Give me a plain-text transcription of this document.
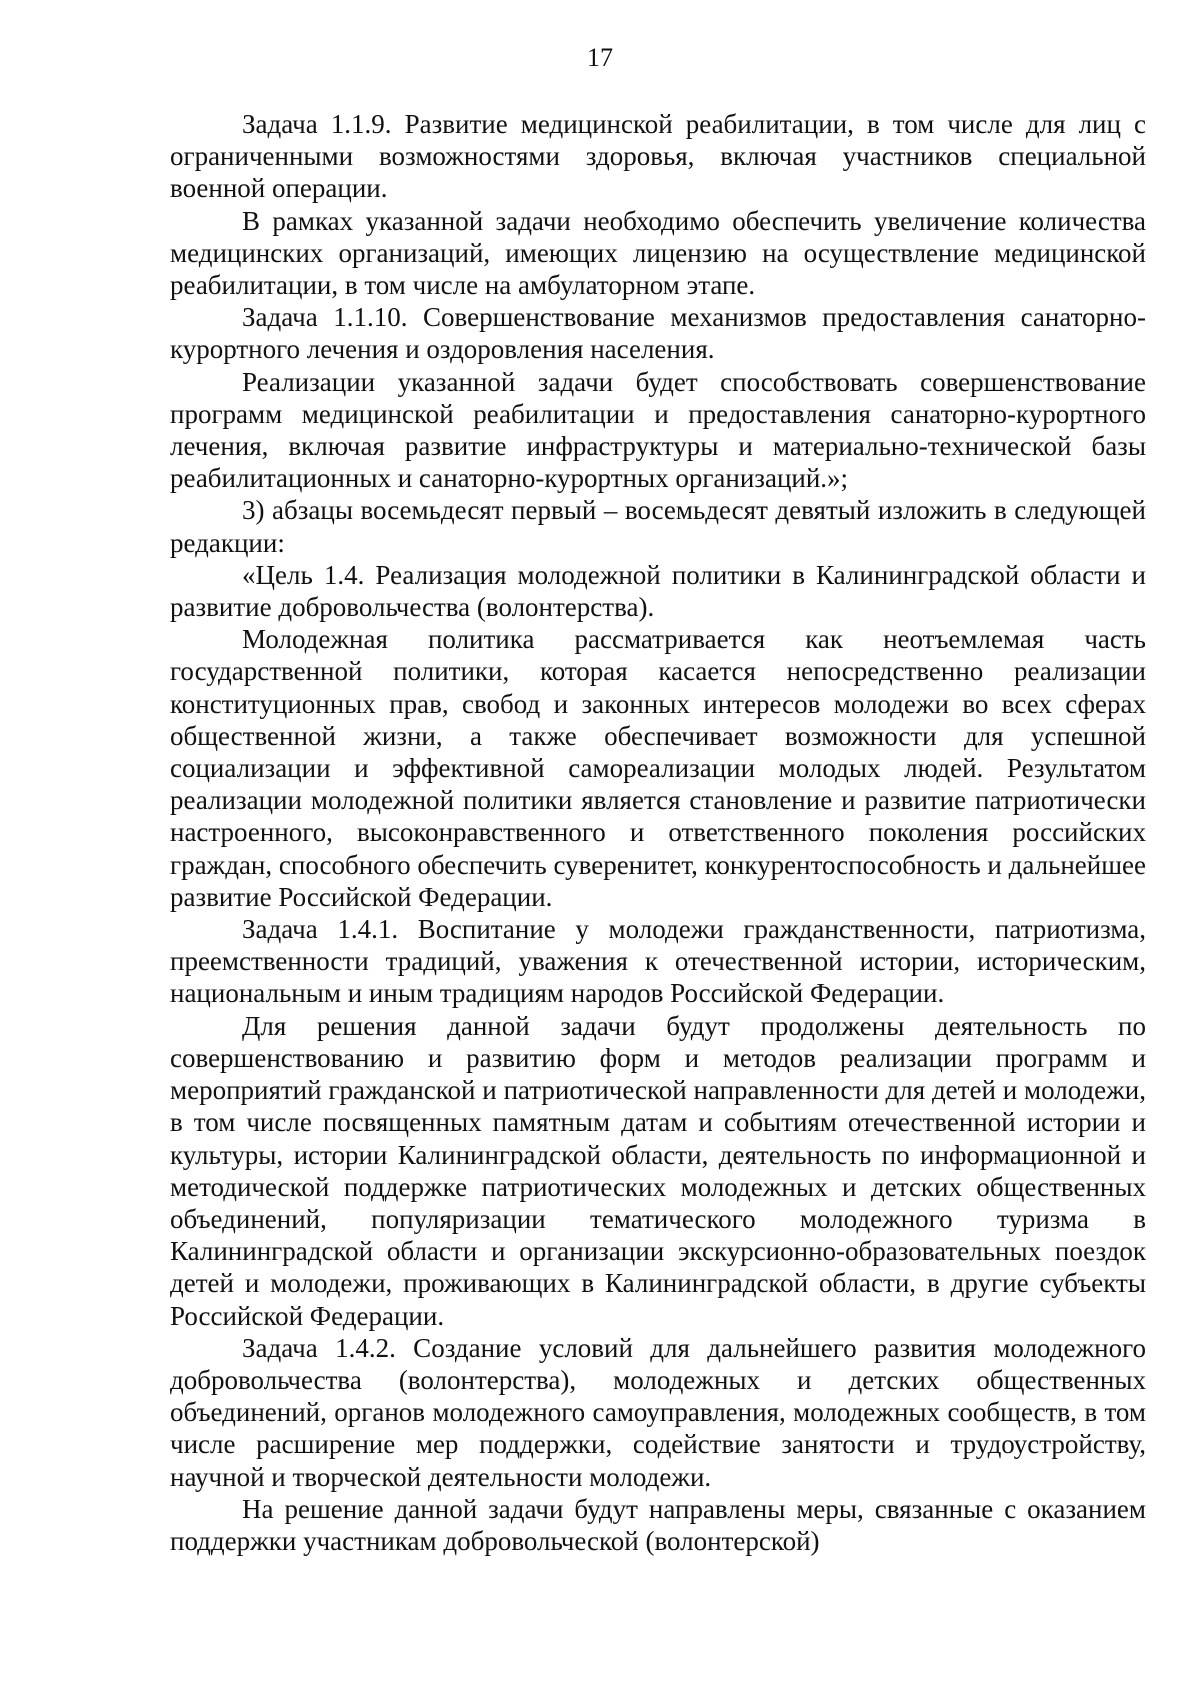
17

Задача 1.1.9. Развитие медицинской реабилитации, в том числе для лиц с ограниченными возможностями здоровья, включая участников специальной военной операции.

В рамках указанной задачи необходимо обеспечить увеличение количества медицинских организаций, имеющих лицензию на осуществление медицинской реабилитации, в том числе на амбулаторном этапе.

Задача 1.1.10. Совершенствование механизмов предоставления санаторно-курортного лечения и оздоровления населения.

Реализации указанной задачи будет способствовать совершенствование программ медицинской реабилитации и предоставления санаторно-курортного лечения, включая развитие инфраструктуры и материально-технической базы реабилитационных и санаторно-курортных организаций.»;

3) абзацы восемьдесят первый – восемьдесят девятый изложить в следующей редакции:

«Цель 1.4. Реализация молодежной политики в Калининградской области и развитие добровольчества (волонтерства).

Молодежная политика рассматривается как неотъемлемая часть государственной политики, которая касается непосредственно реализации конституционных прав, свобод и законных интересов молодежи во всех сферах общественной жизни, а также обеспечивает возможности для успешной социализации и эффективной самореализации молодых людей. Результатом реализации молодежной политики является становление и развитие патриотически настроенного, высоконравственного и ответственного поколения российских граждан, способного обеспечить суверенитет, конкурентоспособность и дальнейшее развитие Российской Федерации.

Задача 1.4.1. Воспитание у молодежи гражданственности, патриотизма, преемственности традиций, уважения к отечественной истории, историческим, национальным и иным традициям народов Российской Федерации.

Для решения данной задачи будут продолжены деятельность по совершенствованию и развитию форм и методов реализации программ и мероприятий гражданской и патриотической направленности для детей и молодежи, в том числе посвященных памятным датам и событиям отечественной истории и культуры, истории Калининградской области, деятельность по информационной и методической поддержке патриотических молодежных и детских общественных объединений, популяризации тематического молодежного туризма в Калининградской области и организации экскурсионно-образовательных поездок детей и молодежи, проживающих в Калининградской области, в другие субъекты Российской Федерации.

Задача 1.4.2. Создание условий для дальнейшего развития молодежного добровольчества (волонтерства), молодежных и детских общественных объединений, органов молодежного самоуправления, молодежных сообществ, в том числе расширение мер поддержки, содействие занятости и трудоустройству, научной и творческой деятельности молодежи.

На решение данной задачи будут направлены меры, связанные с оказанием поддержки участникам добровольческой (волонтерской)
